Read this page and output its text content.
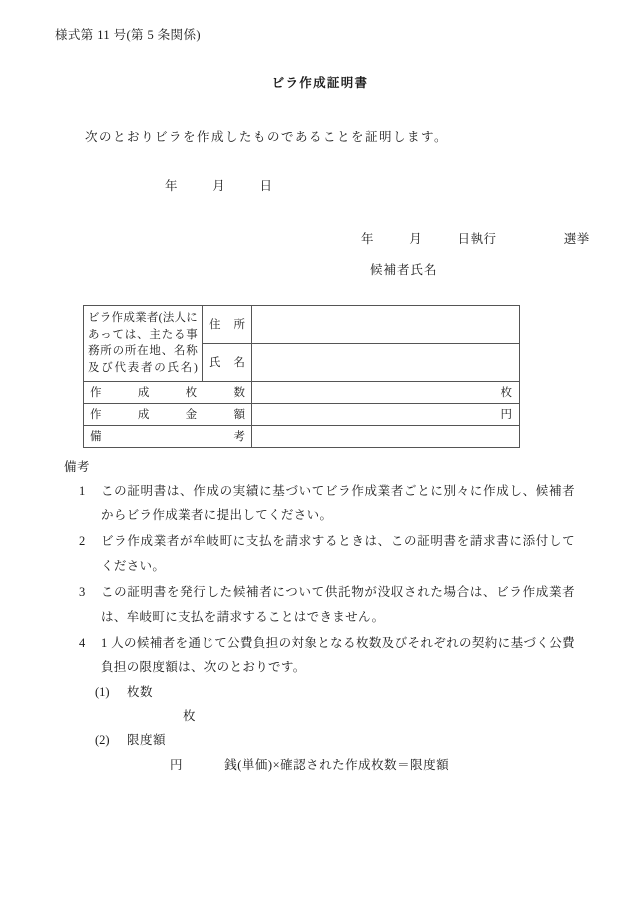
様式第 11 号(第 5 条関係)

ビラ作成証明書

次のとおりビラを作成したものであることを証明します。

年	月	日

年	月	日執行	選挙

候補者氏名

ビラ作成業者(法人にあっては、主たる事務所の所在地、名称及び代表者の氏名)	住 所	

	氏 名	

作 成 枚 数		枚

作 成 金 額		円

備 考		

備考

1	この証明書は、作成の実績に基づいてビラ作成業者ごとに別々に作成し、候補者からビラ作成業者に提出してください。
2	ビラ作成業者が牟岐町に支払を請求するときは、この証明書を請求書に添付してください。
3	この証明書を発行した候補者について供託物が没収された場合は、ビラ作成業者は、牟岐町に支払を請求することはできません。
4	1 人の候補者を通じて公費負担の対象となる枚数及びそれぞれの契約に基づく公費負担の限度額は、次のとおりです。
(1)	枚数
枚
(2)	限度額
円	銭(単価)×確認された作成枚数＝限度額
